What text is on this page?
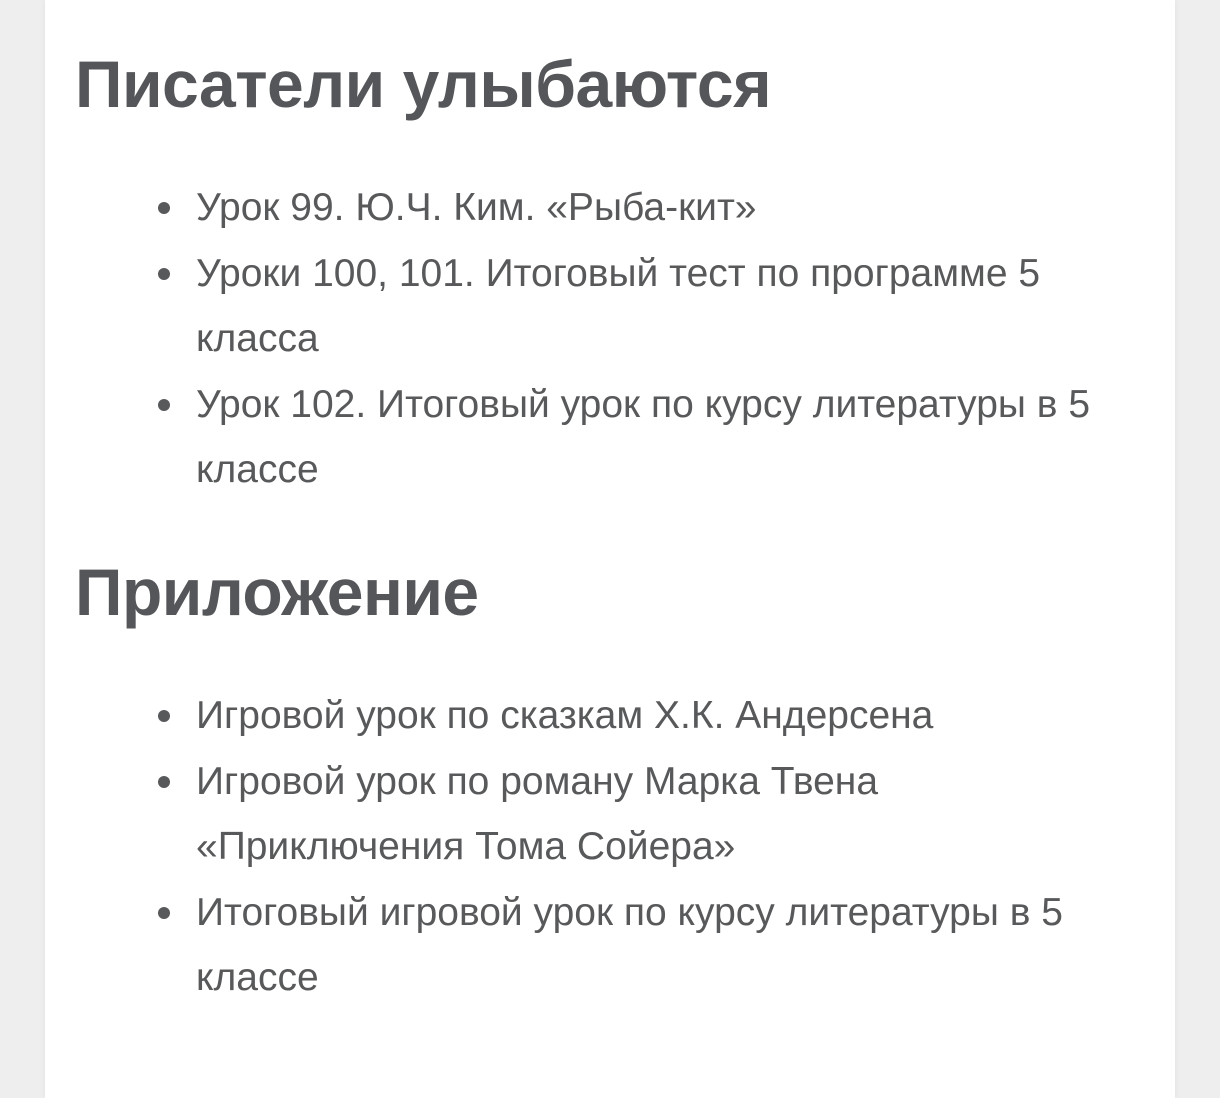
Писатели улыбаются
Урок 99. Ю.Ч. Ким. «Рыба-кит»
Уроки 100, 101. Итоговый тест по программе 5 класса
Урок 102. Итоговый урок по курсу литературы в 5 классе
Приложение
Игровой урок по сказкам Х.К. Андерсена
Игровой урок по роману Марка Твена «Приключения Тома Сойера»
Итоговый игровой урок по курсу литературы в 5 классе
